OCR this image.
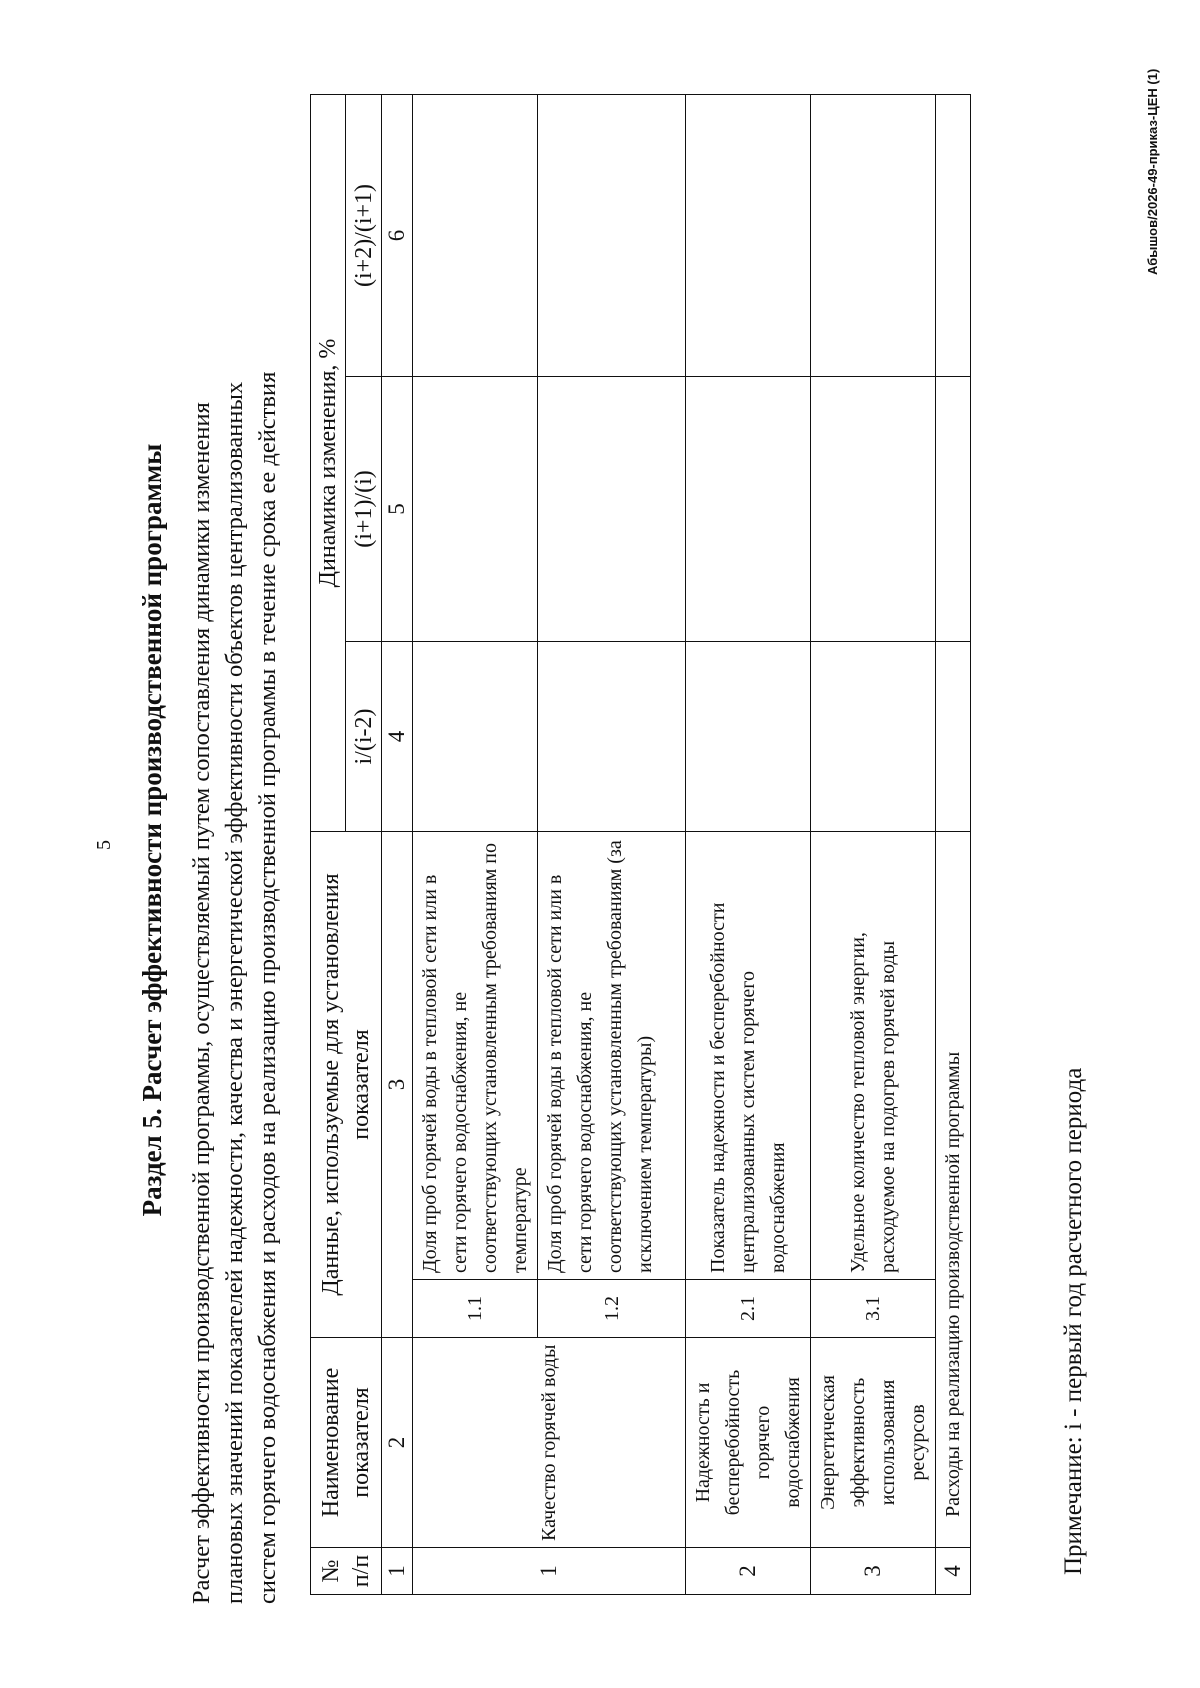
5 Раздел 5. Расчет эффективности производственной программы Расчет эффективности производственной программы, осуществляемый путем сопоставления динамики изменения плановых значений показателей надежности, качества и энергетической эффективности объектов централизованных систем горячего водоснабжения и расходов на реализацию производственной программы в течение срока ее действия № п/п	Наименование показателя	Данные, используемые для установления показателя		Динамика изменения, %		
				i/(i-2)	(i+1)/(i)	(i+2)/(i+1)
1	2	3		4	5	6
1	Качество горячей воды	1.1	Доля проб горячей воды в тепловой сети или в сети горячего водоснабжения, не соответствующих установленным требованиям по температуре			
		1.2	Доля проб горячей воды в тепловой сети или в сети горячего водоснабжения, не соответствующих установленным требованиям (за исключением температуры)			
2	Надежность и бесперебойность горячего водоснабжения	2.1	Показатель надежности и бесперебойности централизованных систем горячего водоснабжения			
3	Энергетическая эффективность использования ресурсов	3.1	Удельное количество тепловой энергии, расходуемое на подогрев горячей воды			
4	Расходы на реализацию производственной программы						Примечание: i - первый год расчетного периода
Абышов/2026-49-приказ-ЦЕН (1)
